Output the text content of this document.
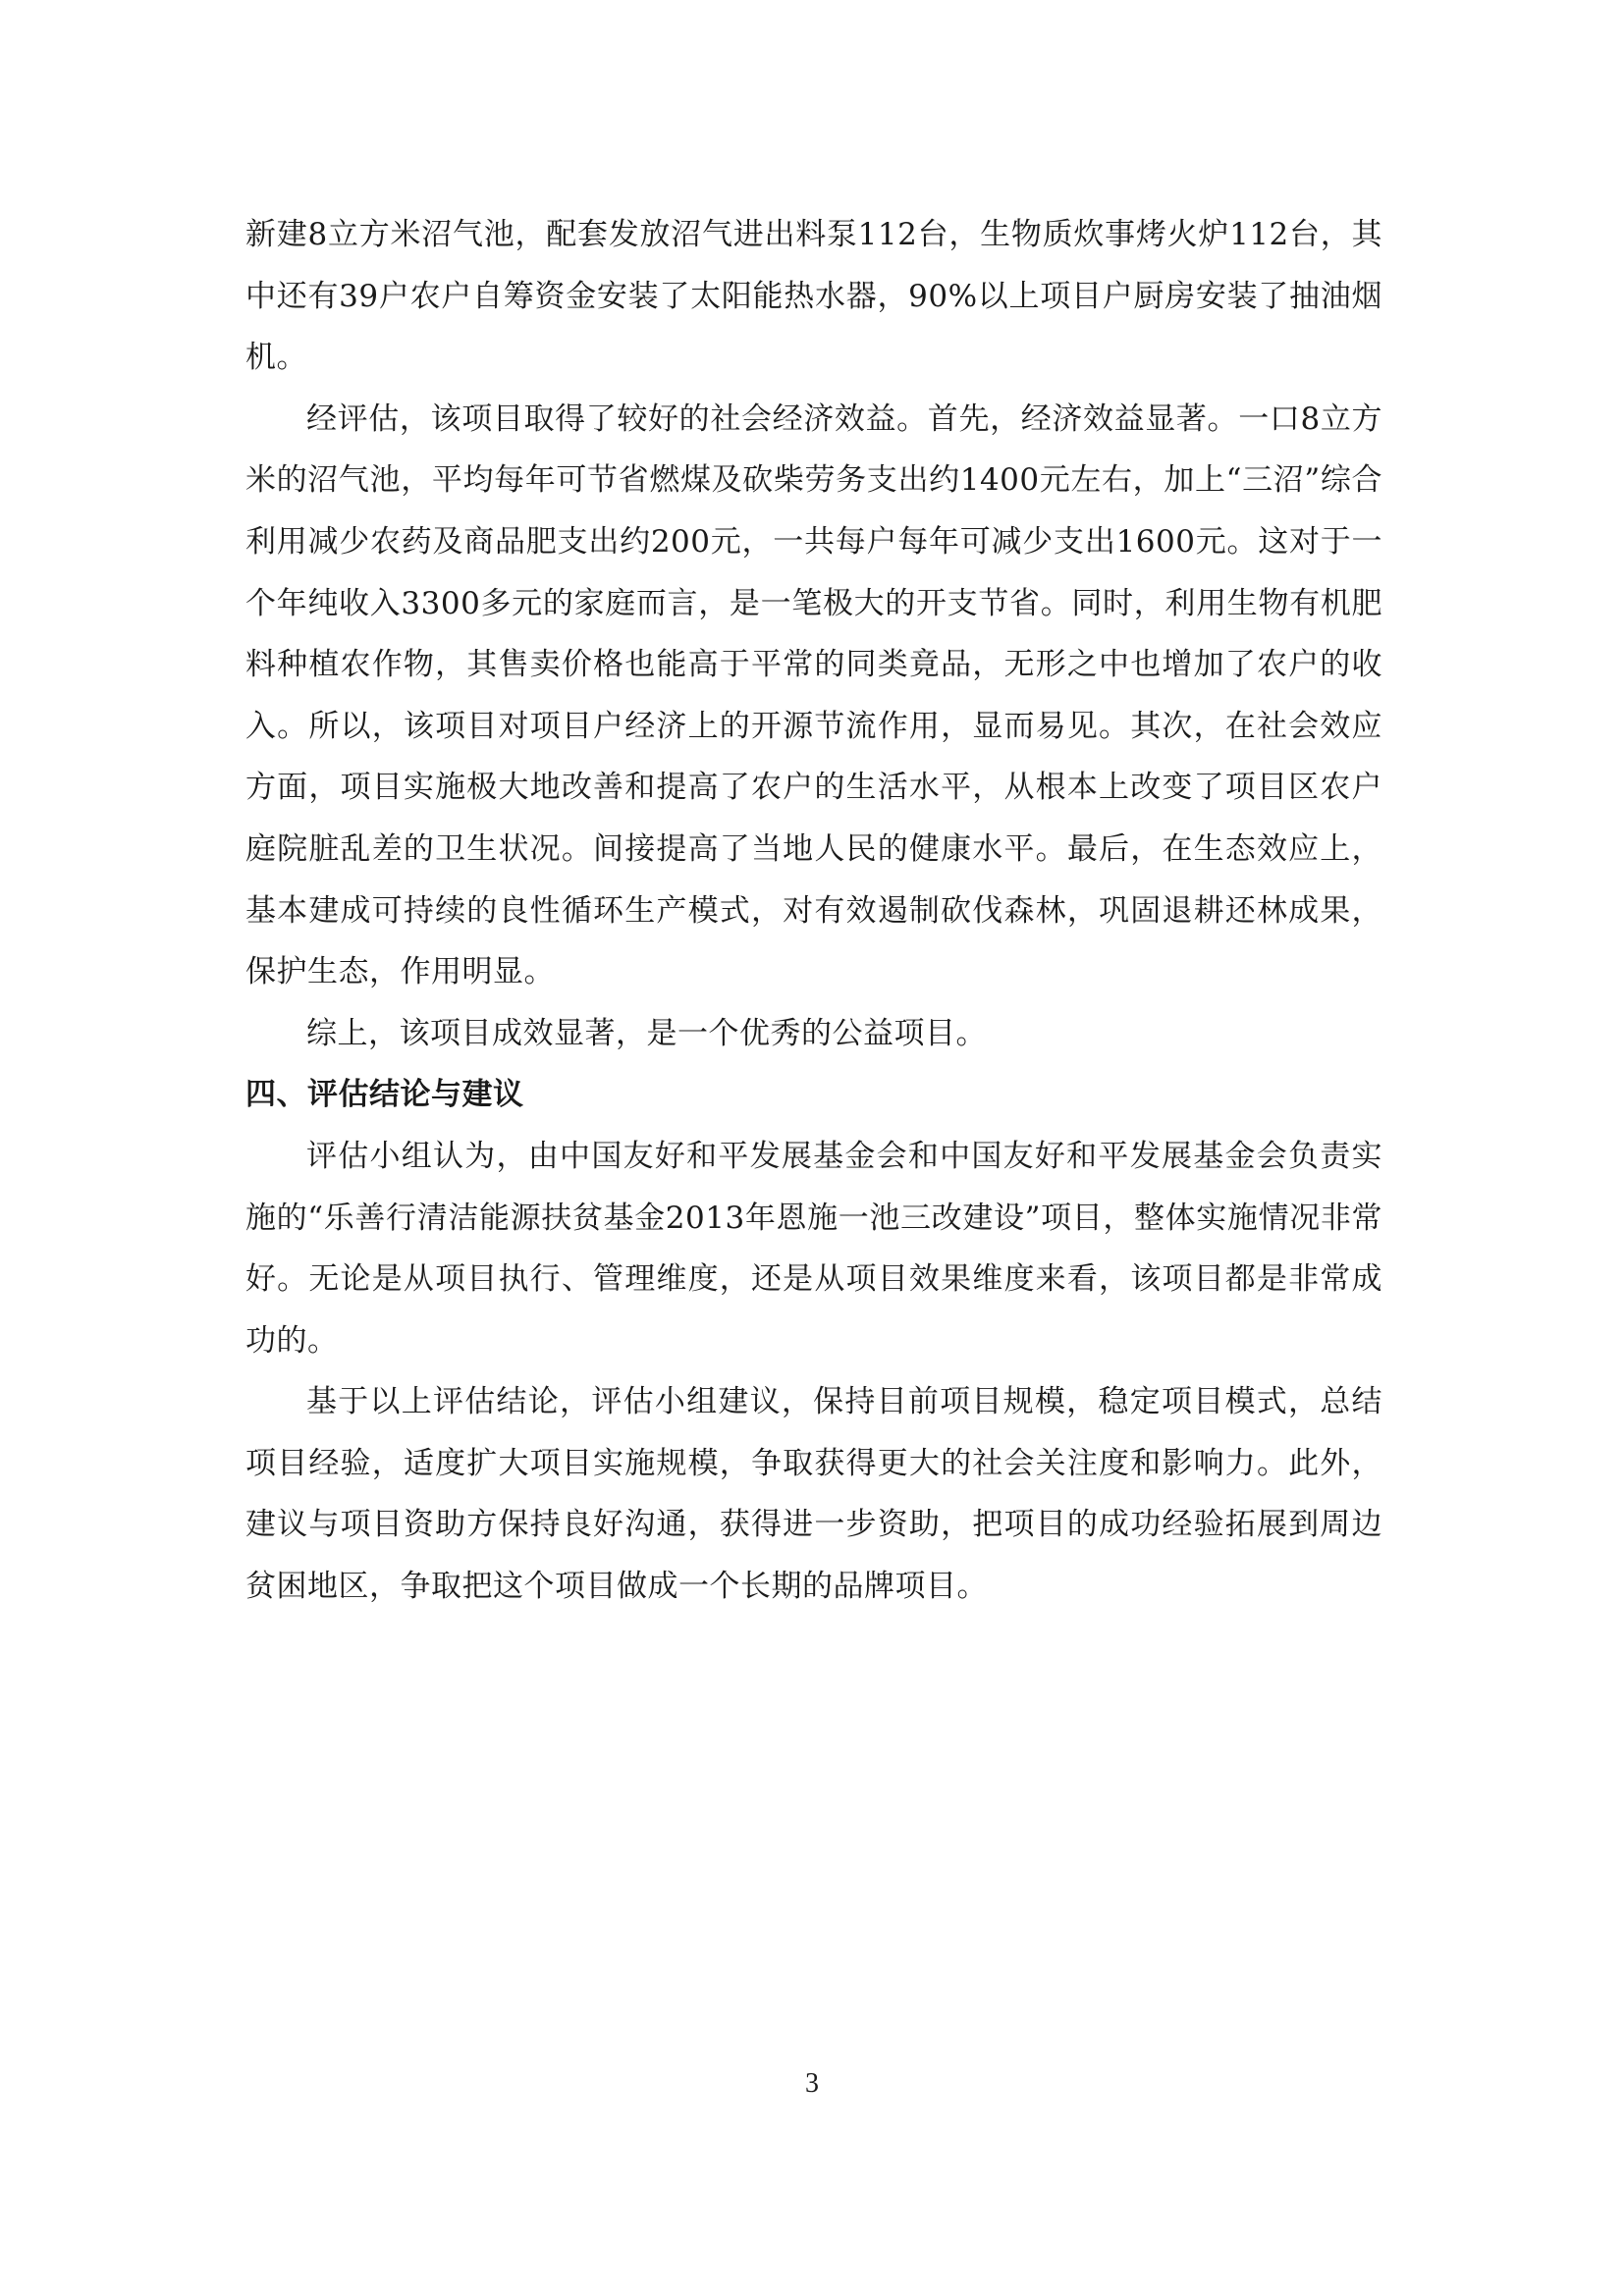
新建8立方米沼气池，配套发放沼气进出料泵112台，生物质炊事烤火炉112台，其中还有39户农户自筹资金安装了太阳能热水器，90%以上项目户厨房安装了抽油烟机。

经评估，该项目取得了较好的社会经济效益。首先，经济效益显著。一口8立方米的沼气池，平均每年可节省燃煤及砍柴劳务支出约1400元左右，加上“三沼”综合利用减少农药及商品肥支出约200元，一共每户每年可减少支出1600元。这对于一个年纯收入3300多元的家庭而言，是一笔极大的开支节省。同时，利用生物有机肥料种植农作物，其售卖价格也能高于平常的同类竟品，无形之中也增加了农户的收入。所以，该项目对项目户经济上的开源节流作用，显而易见。其次，在社会效应方面，项目实施极大地改善和提高了农户的生活水平，从根本上改变了项目区农户庭院脏乱差的卫生状况。间接提高了当地人民的健康水平。最后，在生态效应上，基本建成可持续的良性循环生产模式，对有效遏制砍伐森林，巩固退耕还林成果，保护生态，作用明显。

综上，该项目成效显著，是一个优秀的公益项目。

四、评估结论与建议

评估小组认为，由中国友好和平发展基金会和中国友好和平发展基金会负责实施的“乐善行清洁能源扶贫基金2013年恩施一池三改建设”项目，整体实施情况非常好。无论是从项目执行、管理维度，还是从项目效果维度来看，该项目都是非常成功的。

基于以上评估结论，评估小组建议，保持目前项目规模，稳定项目模式，总结项目经验，适度扩大项目实施规模，争取获得更大的社会关注度和影响力。此外，建议与项目资助方保持良好沟通，获得进一步资助，把项目的成功经验拓展到周边贫困地区，争取把这个项目做成一个长期的品牌项目。

3
